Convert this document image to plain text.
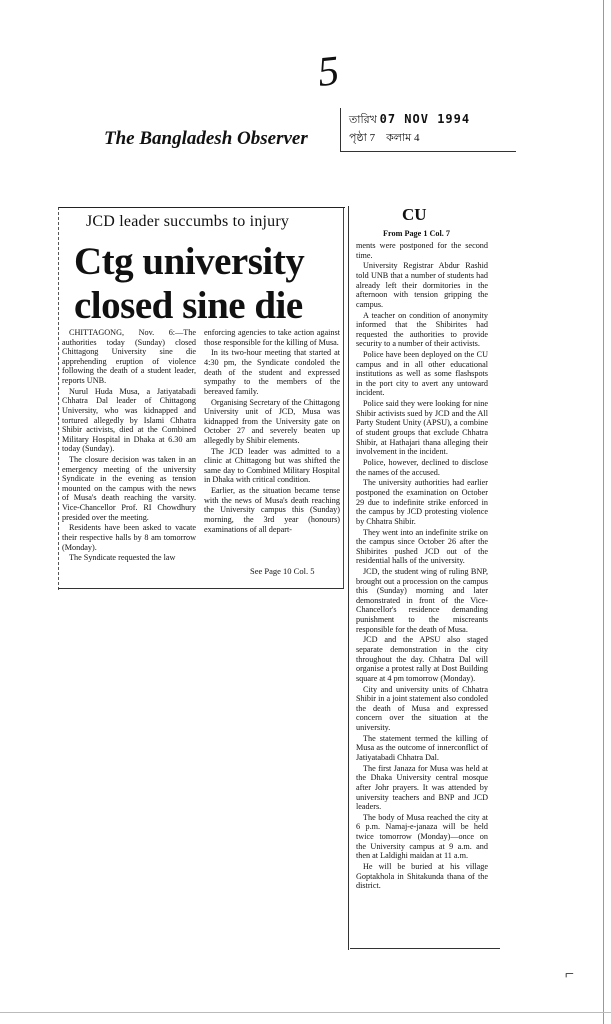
5
The Bangladesh Observer
তারিখ 07 NOV 1994
পৃষ্ঠা 7 কলাম 4
JCD leader succumbs to injury
Ctg university
closed sine die

CHITTAGONG, Nov. 6:—The authorities today (Sunday) closed Chittagong University sine die apprehending eruption of violence following the death of a student leader, reports UNB.

Nurul Huda Musa, a Jatiyatabadi Chhatra Dal leader of Chittagong University, who was kidnapped and tortured allegedly by Islami Chhatra Shibir activists, died at the Combined Military Hospital in Dhaka at 6.30 am today (Sunday).

The closure decision was taken in an emergency meeting of the university Syndicate in the evening as tension mounted on the campus with the news of Musa's death reaching the varsity. Vice-Chancellor Prof. RI Chowdhury presided over the meeting.

Residents have been asked to vacate their respective halls by 8 am tomorrow (Monday).

The Syndicate requested the law

enforcing agencies to take action against those responsible for the killing of Musa.

In its two-hour meeting that started at 4:30 pm, the Syndicate condoled the death of the student and expressed sympathy to the members of the bereaved family.

Organising Secretary of the Chittagong University unit of JCD, Musa was kidnapped from the University gate on October 27 and severely beaten up allegedly by Shibir elements.

The JCD leader was admitted to a clinic at Chittagong but was shifted the same day to Combined Military Hospital in Dhaka with critical condition.

Earlier, as the situation became tense with the news of Musa's death reaching the University campus this (Sunday) morning, the 3rd year (honours) examinations of all depart-

See Page 10 Col. 5
CU
From Page 1 Col. 7

ments were postponed for the second time.

University Registrar Abdur Rashid told UNB that a number of students had already left their dormitories in the afternoon with tension gripping the campus.

A teacher on condition of anonymity informed that the Shibirites had requested the authorities to provide security to a number of their activists.

Police have been deployed on the CU campus and in all other educational institutions as well as some flashspots in the port city to avert any untoward incident.

Police said they were looking for nine Shibir activists sued by JCD and the All Party Student Unity (APSU), a combine of student groups that exclude Chhatra Shibir, at Hathajari thana alleging their involvement in the incident.

Police, however, declined to disclose the names of the accused.

The university authorities had earlier postponed the examination on October 29 due to indefinite strike enforced in the campus by JCD protesting violence by Chhatra Shibir.

They went into an indefinite strike on the campus since October 26 after the Shibirites pushed JCD out of the residential halls of the university.

JCD, the student wing of ruling BNP, brought out a procession on the campus this (Sunday) morning and later demonstrated in front of the Vice-Chancellor's residence demanding punishment to the miscreants responsible for the death of Musa.

JCD and the APSU also staged separate demonstration in the city throughout the day. Chhatra Dal will organise a protest rally at Dost Building square at 4 pm tomorrow (Monday).

City and university units of Chhatra Shibir in a joint statement also condoled the death of Musa and expressed concern over the situation at the university.

The statement termed the killing of Musa as the outcome of innerconflict of Jatiyatabadi Chhatra Dal.

The first Janaza for Musa was held at the Dhaka University central mosque after Johr prayers. It was attended by university teachers and BNP and JCD leaders.

The body of Musa reached the city at 6 p.m. Namaj-e-janaza will be held twice tomorrow (Monday)—once on the University campus at 9 a.m. and then at Laldighi maidan at 11 a.m.

He will be buried at his village Goptakhola in Shitakunda thana of the district.

⌐
